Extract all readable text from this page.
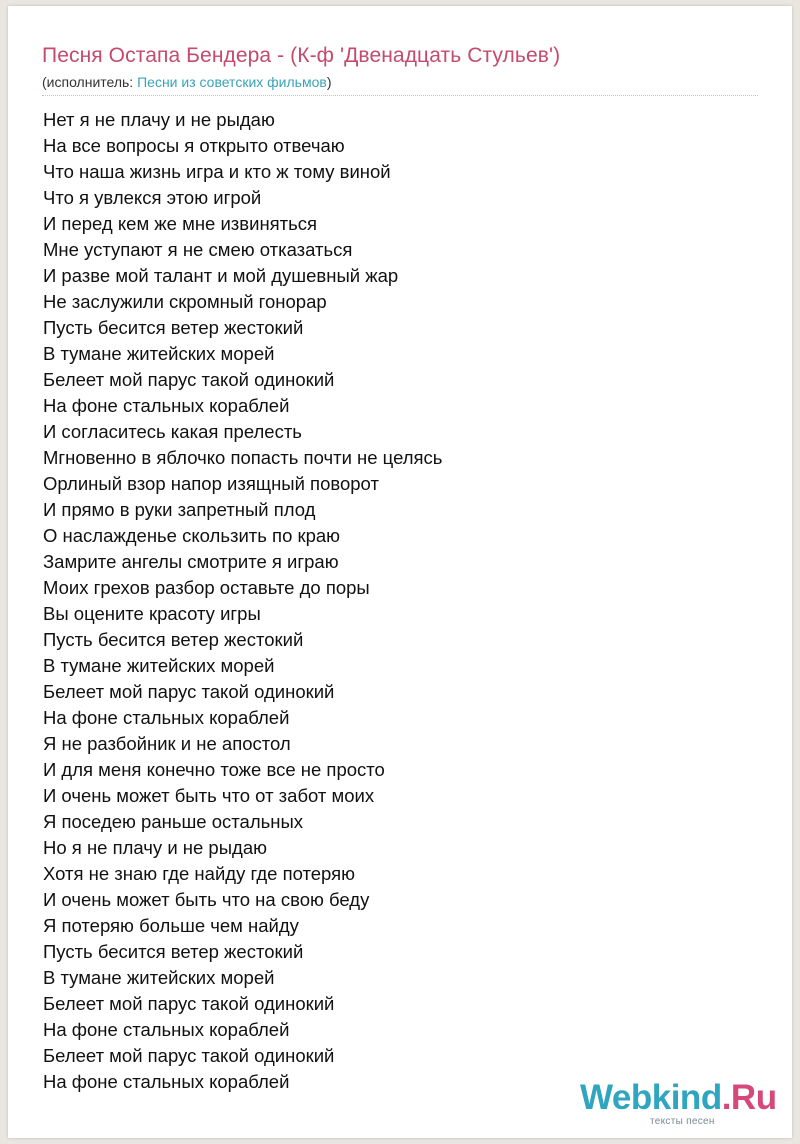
Песня Остапа Бендера - (К-ф 'Двенадцать Стульев')
(исполнитель: Песни из советских фильмов)
Нет я не плачу и не рыдаю
На все вопросы я открыто отвечаю
Что наша жизнь игра и кто ж тому виной
Что я увлекся этою игрой
И перед кем же мне извиняться
Мне уступают я не смею отказаться
И разве мой талант и мой душевный жар
Не заслужили скромный гонорар
Пусть бесится ветер жестокий
В тумане житейских морей
Белеет мой парус такой одинокий
На фоне стальных кораблей
И согласитесь какая прелесть
Мгновенно в яблочко попасть почти не целясь
Орлиный взор напор изящный поворот
И прямо в руки запретный плод
О наслажденье скользить по краю
Замрите ангелы смотрите я играю
Моих грехов разбор оставьте до поры
Вы оцените красоту игры
Пусть бесится ветер жестокий
В тумане житейских морей
Белеет мой парус такой одинокий
На фоне стальных кораблей
Я не разбойник и не апостол
И для меня конечно тоже все не просто
И очень может быть что от забот моих
Я поседею раньше остальных
Но я не плачу и не рыдаю
Хотя не знаю где найду где потеряю
И очень может быть что на свою беду
Я потеряю больше чем найду
Пусть бесится ветер жестокий
В тумане житейских морей
Белеет мой парус такой одинокий
На фоне стальных кораблей
Белеет мой парус такой одинокий
На фоне стальных кораблей	Webkind.Ru
тексты песен
